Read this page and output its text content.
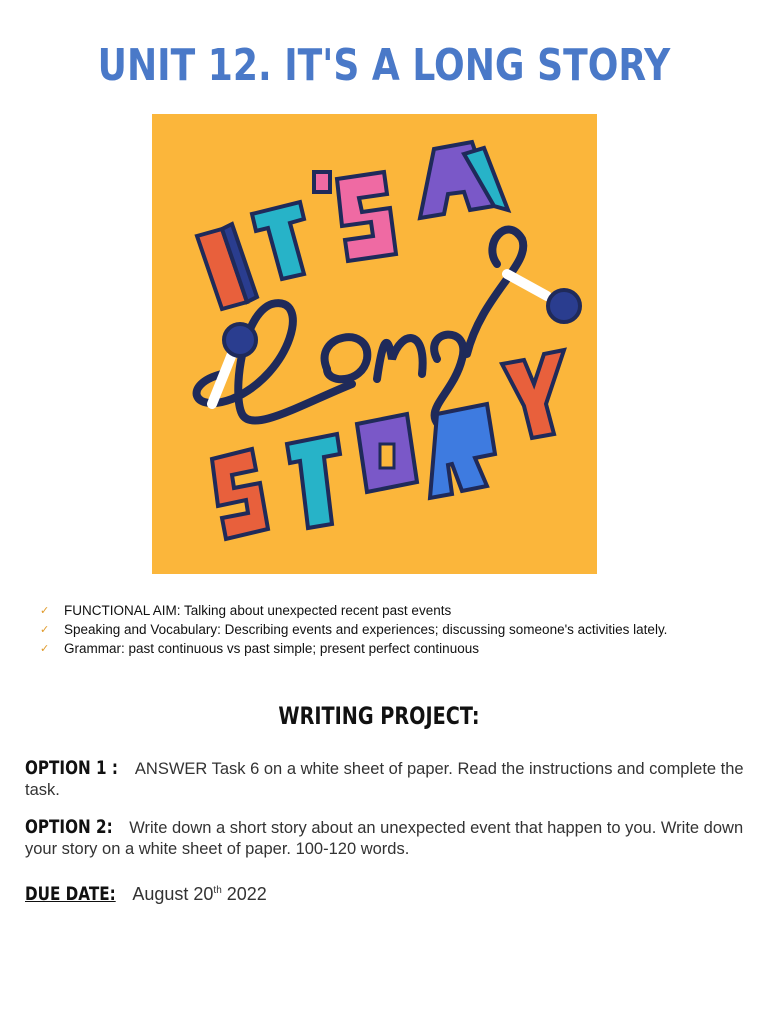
UNIT 12. IT'S A LONG STORY
✓ FUNCTIONAL AIM: Talking about unexpected recent past events
✓ Speaking and Vocabulary: Describing events and experiences; discussing someone's activities lately.
✓ Grammar: past continuous vs past simple; present perfect continuous
WRITING PROJECT:
OPTION 1 : ANSWER Task 6 on a white sheet of paper. Read the instructions and complete the task.
OPTION 2: Write down a short story about an unexpected event that happen to you. Write down your story on a white sheet of paper. 100-120 words.
DUE DATE: August 20th 2022
